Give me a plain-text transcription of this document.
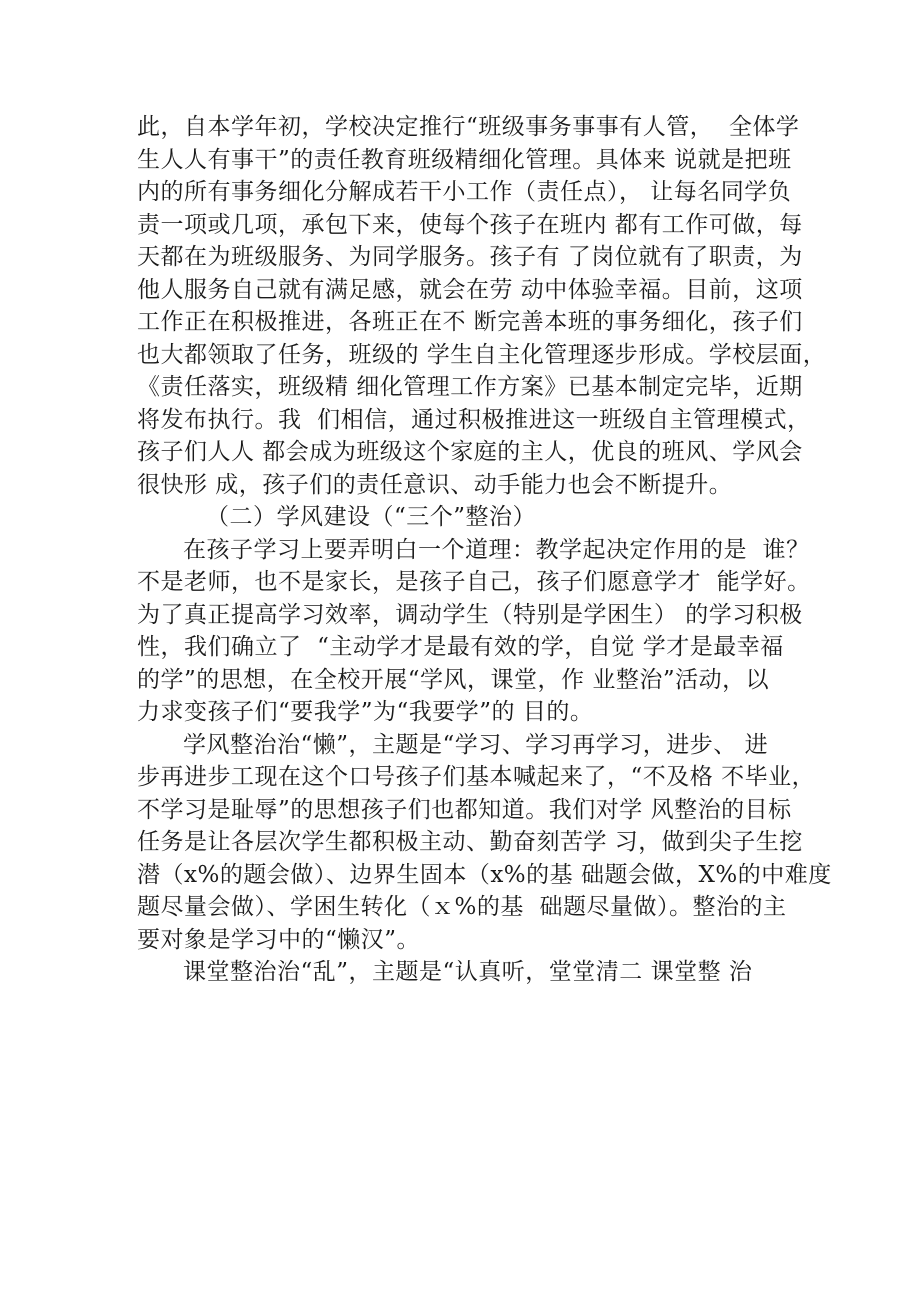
此，自本学年初，学校决定推行“班级事务事事有人管，  全体学
生人人有事干”的责任教育班级精细化管理。具体来 说就是把班
内的所有事务细化分解成若干小工作（责任点）， 让每名同学负
责一项或几项，承包下来，使每个孩子在班内 都有工作可做，每
天都在为班级服务、为同学服务。孩子有 了岗位就有了职责，为
他人服务自己就有满足感，就会在劳 动中体验幸福。目前，这项
工作正在积极推进，各班正在不 断完善本班的事务细化，孩子们
也大都领取了任务，班级的 学生自主化管理逐步形成。学校层面，
《责任落实，班级精 细化管理工作方案》已基本制定完毕，近期
将发布执行。我  们相信，通过积极推进这一班级自主管理模式，
孩子们人人 都会成为班级这个家庭的主人，优良的班风、学风会
很快形 成，孩子们的责任意识、动手能力也会不断提升。
（二）学风建设（“三个”整治）
在孩子学习上要弄明白一个道理：教学起决定作用的是  谁？
不是老师，也不是家长，是孩子自己，孩子们愿意学才  能学好。
为了真正提高学习效率，调动学生（特别是学困生） 的学习积极
性，我们确立了  “主动学才是最有效的学，自觉 学才是最幸福
的学”的思想，在全校开展“学风，课堂，作 业整治”活动，以
力求变孩子们“要我学”为“我要学”的 目的。
学风整治治“懒”，主题是“学习、学习再学习，进步、 进
步再进步工现在这个口号孩子们基本喊起来了，“不及格 不毕业，
不学习是耻辱”的思想孩子们也都知道。我们对学 风整治的目标
任务是让各层次学生都积极主动、勤奋刻苦学 习，做到尖子生挖
潜（x%的题会做）、边界生固本（x%的基 础题会做，X%的中难度
题尽量会做）、学困生转化（ｘ%的基  础题尽量做）。整治的主
要对象是学习中的“懒汉”。
课堂整治治“乱”，主题是“认真听，堂堂清二 课堂整 治
